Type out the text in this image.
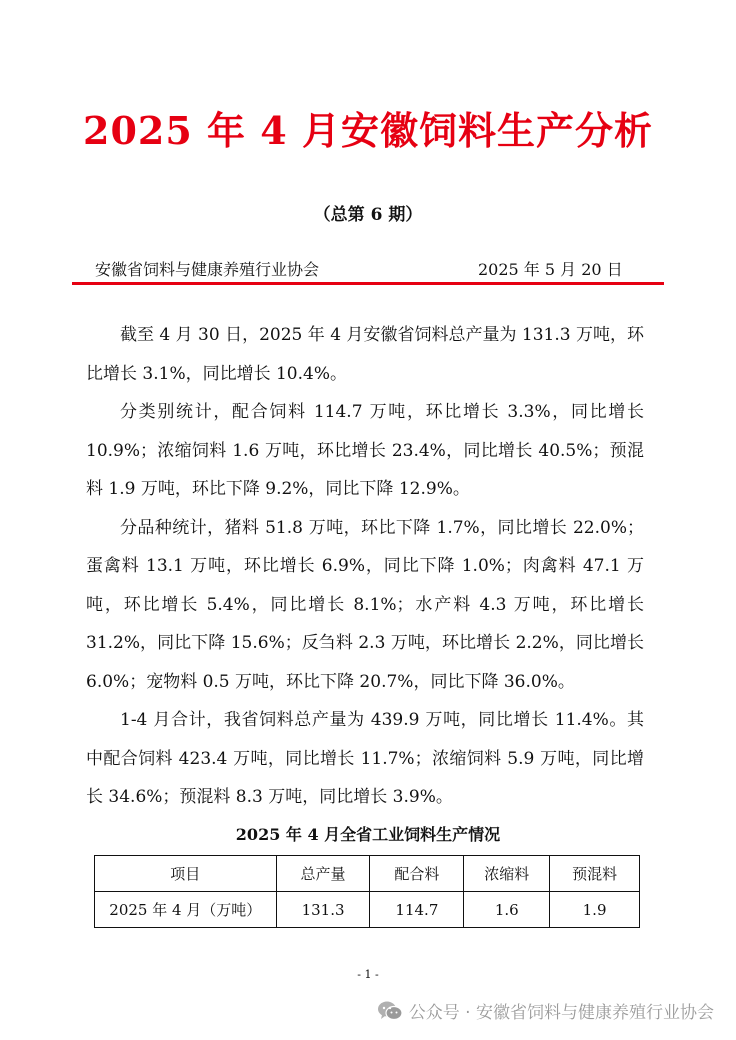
2025 年 4 月安徽饲料生产分析
（总第 6 期）
安徽省饲料与健康养殖行业协会	2025 年 5 月 20 日

截至 4 月 30 日，2025 年 4 月安徽省饲料总产量为 131.3 万吨，环比增长 3.1%，同比增长 10.4%。

分类别统计，配合饲料 114.7 万吨，环比增长 3.3%，同比增长 10.9%；浓缩饲料 1.6 万吨，环比增长 23.4%，同比增长 40.5%；预混料 1.9 万吨，环比下降 9.2%，同比下降 12.9%。

分品种统计，猪料 51.8 万吨，环比下降 1.7%，同比增长 22.0%；蛋禽料 13.1 万吨，环比增长 6.9%，同比下降 1.0%；肉禽料 47.1 万吨，环比增长 5.4%，同比增长 8.1%；水产料 4.3 万吨，环比增长 31.2%，同比下降 15.6%；反刍料 2.3 万吨，环比增长 2.2%，同比增长 6.0%；宠物料 0.5 万吨，环比下降 20.7%，同比下降 36.0%。

1-4 月合计，我省饲料总产量为 439.9 万吨，同比增长 11.4%。其中配合饲料 423.4 万吨，同比增长 11.7%；浓缩饲料 5.9 万吨，同比增长 34.6%；预混料 8.3 万吨，同比增长 3.9%。

2025 年 4 月全省工业饲料生产情况
项目	总产量	配合料	浓缩料	预混料
2025 年 4 月（万吨）	131.3	114.7	1.6	1.9
- 1 -
公众号 · 安徽省饲料与健康养殖行业协会
